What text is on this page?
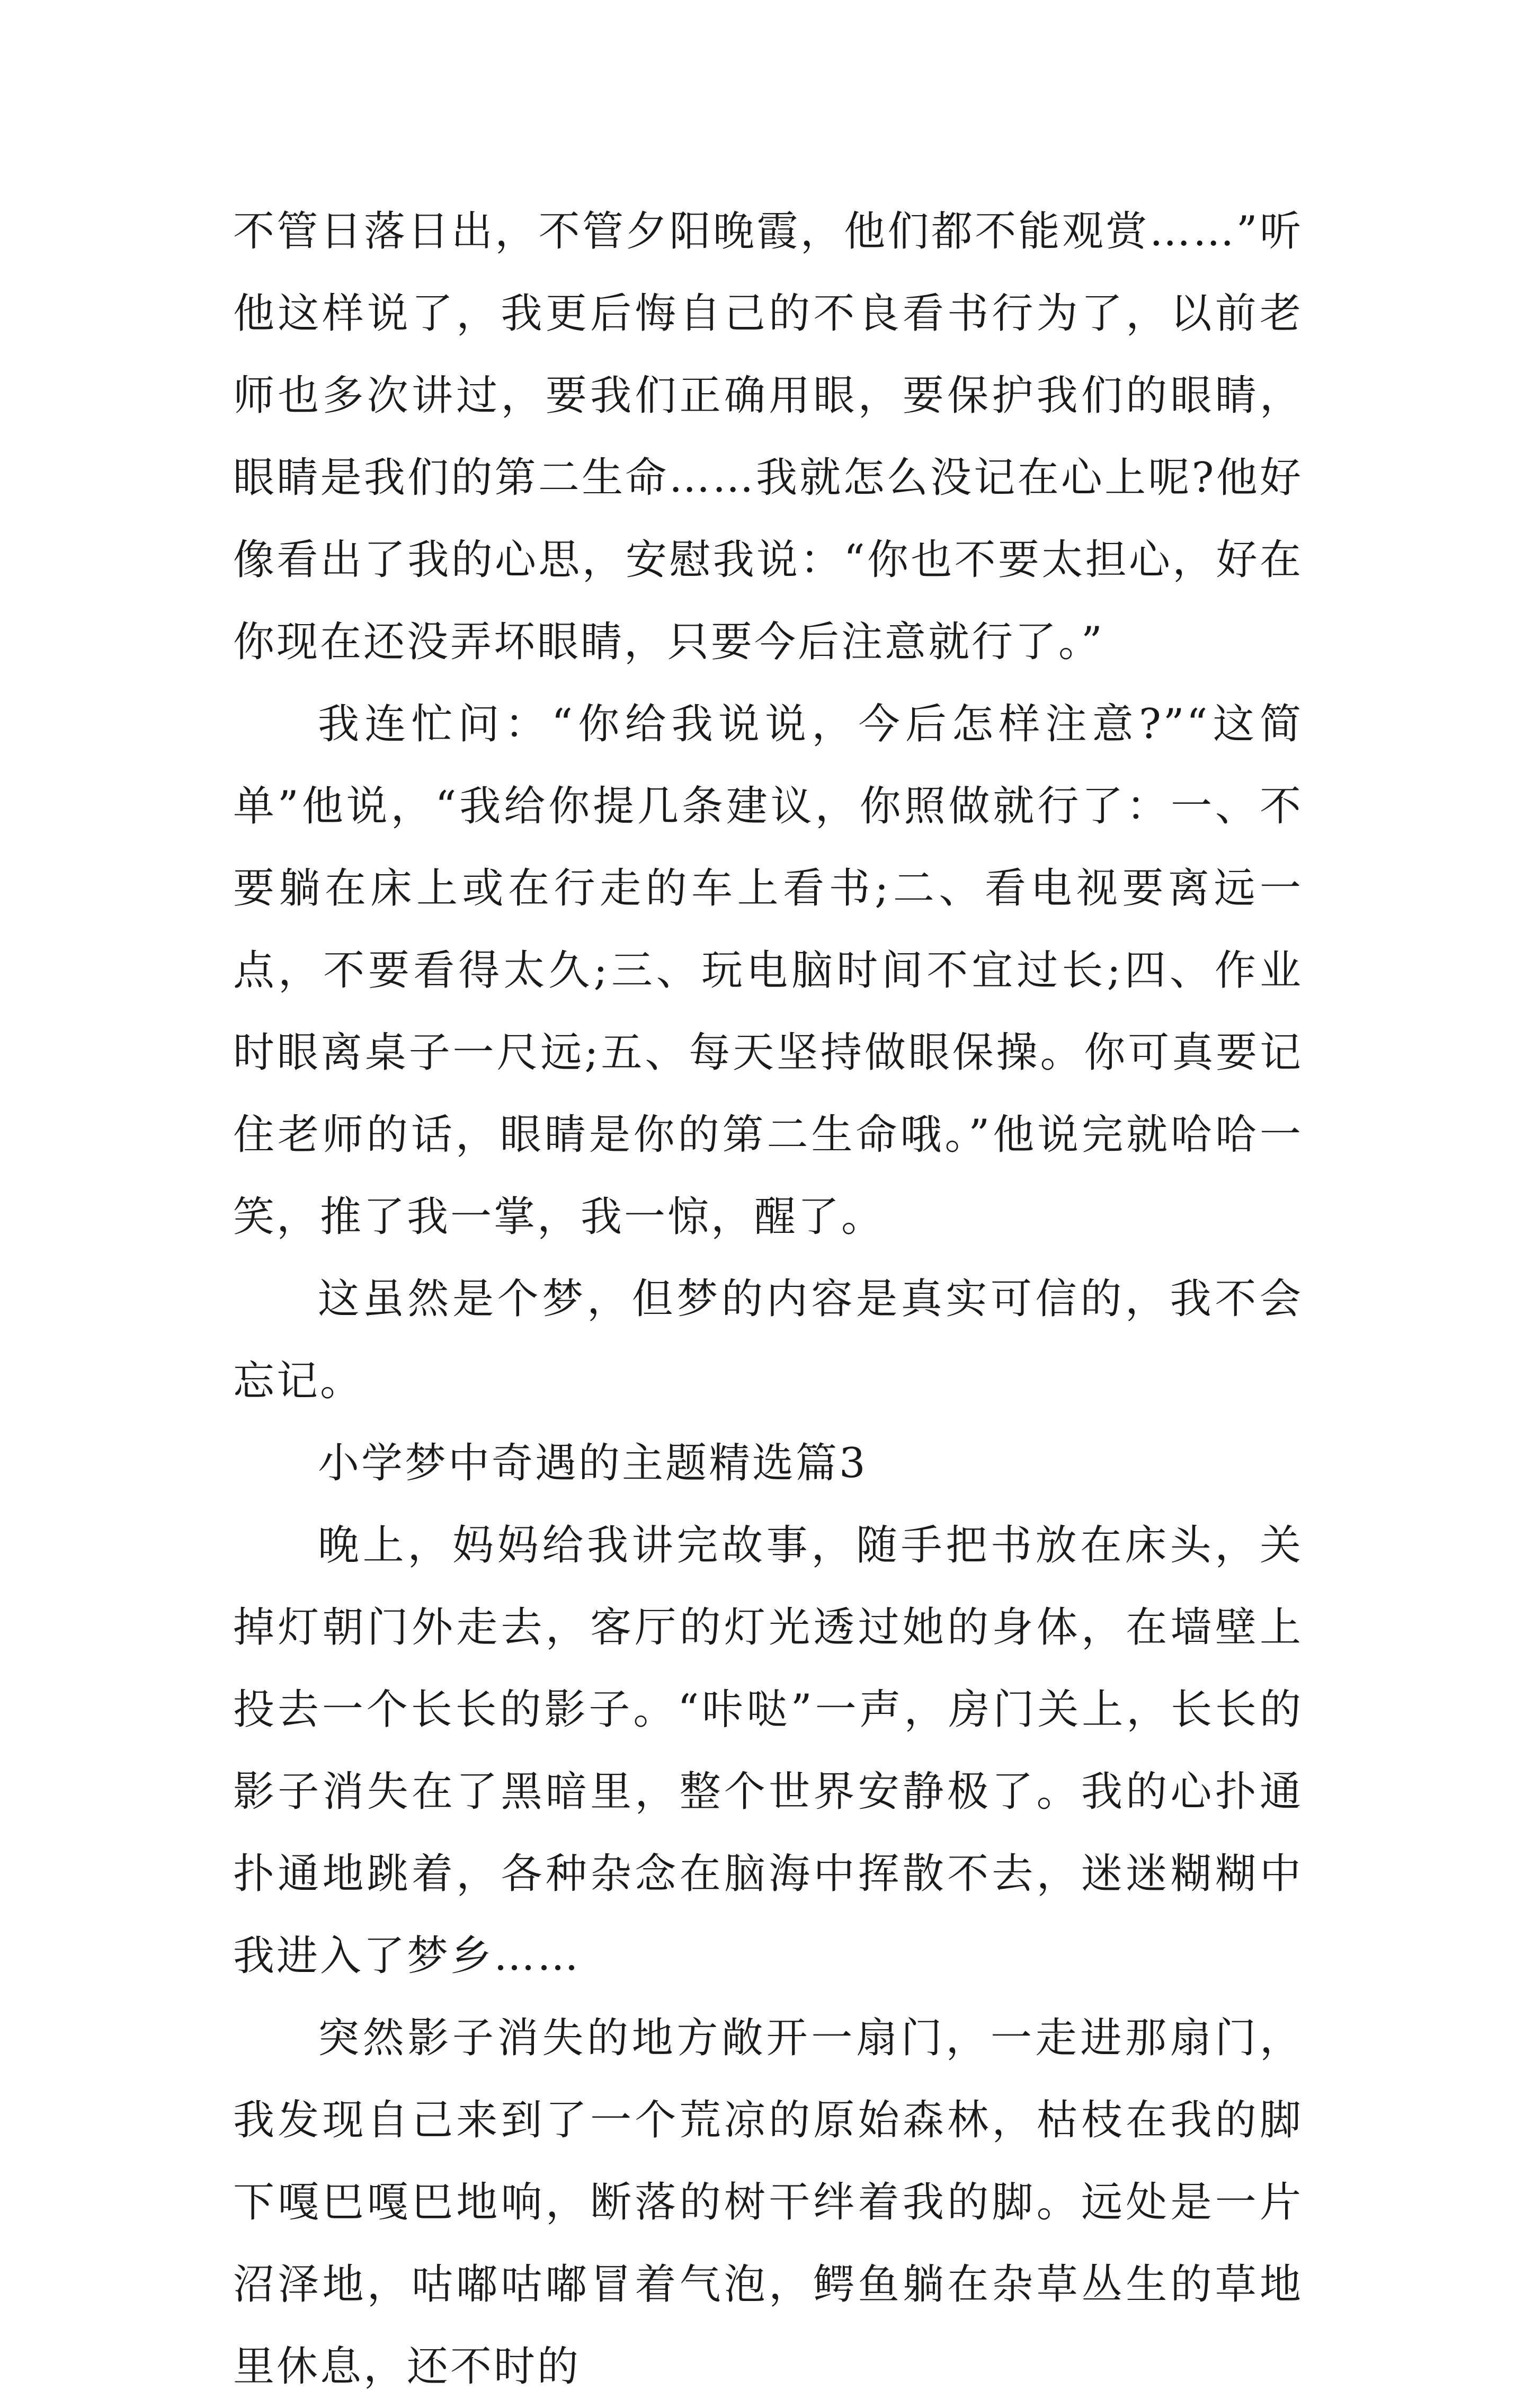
不管日落日出，不管夕阳晚霞，他们都不能观赏……”听他这样说了，我更后悔自己的不良看书行为了，以前老师也多次讲过，要我们正确用眼，要保护我们的眼睛，眼睛是我们的第二生命……我就怎么没记在心上呢?他好像看出了我的心思，安慰我说：“你也不要太担心，好在你现在还没弄坏眼睛，只要今后注意就行了。”

我连忙问：“你给我说说，今后怎样注意?”“这简单”他说，“我给你提几条建议，你照做就行了：一、不要躺在床上或在行走的车上看书;二、看电视要离远一点，不要看得太久;三、玩电脑时间不宜过长;四、作业时眼离桌子一尺远;五、每天坚持做眼保操。你可真要记住老师的话，眼睛是你的第二生命哦。”他说完就哈哈一笑，推了我一掌，我一惊，醒了。

这虽然是个梦，但梦的内容是真实可信的，我不会忘记。

小学梦中奇遇的主题精选篇3

晚上，妈妈给我讲完故事，随手把书放在床头，关掉灯朝门外走去，客厅的灯光透过她的身体，在墙壁上投去一个长长的影子。“咔哒”一声，房门关上，长长的影子消失在了黑暗里，整个世界安静极了。我的心扑通扑通地跳着，各种杂念在脑海中挥散不去，迷迷糊糊中我进入了梦乡……

突然影子消失的地方敞开一扇门，一走进那扇门，我发现自己来到了一个荒凉的原始森林，枯枝在我的脚下嘎巴嘎巴地响，断落的树干绊着我的脚。远处是一片沼泽地，咕嘟咕嘟冒着气泡，鳄鱼躺在杂草丛生的草地里休息，还不时的
